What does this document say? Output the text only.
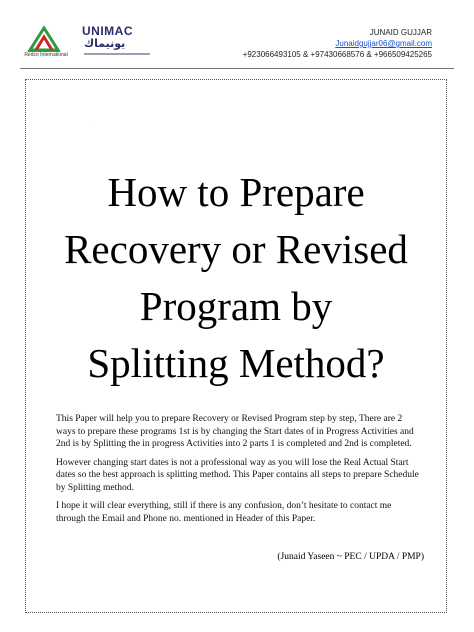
Redco International
UNIMAC
يونيماك
JUNAID GUJJAR
Junaidgujjar06@gmail.com
+923066493105 & +97430668576 & +966509425265
·
How to Prepare
Recovery or Revised
Program by
Splitting Method?

This Paper will help you to prepare Recovery or Revised Program step by step, There are 2 ways to prepare these programs 1st is by changing the Start dates of in Progress Activities and 2nd is by Splitting the in progress Activities into 2 parts 1 is completed and 2nd is completed.

However changing start dates is not a professional way as you will lose the Real Actual Start dates so the best approach is splitting method. This Paper contains all steps to prepare Schedule by Splitting method.

I hope it will clear everything, still if there is any confusion, don’t hesitate to contact me through the Email and Phone no. mentioned in Header of this Paper.

(Junaid Yaseen ~ PEC / UPDA / PMP)
